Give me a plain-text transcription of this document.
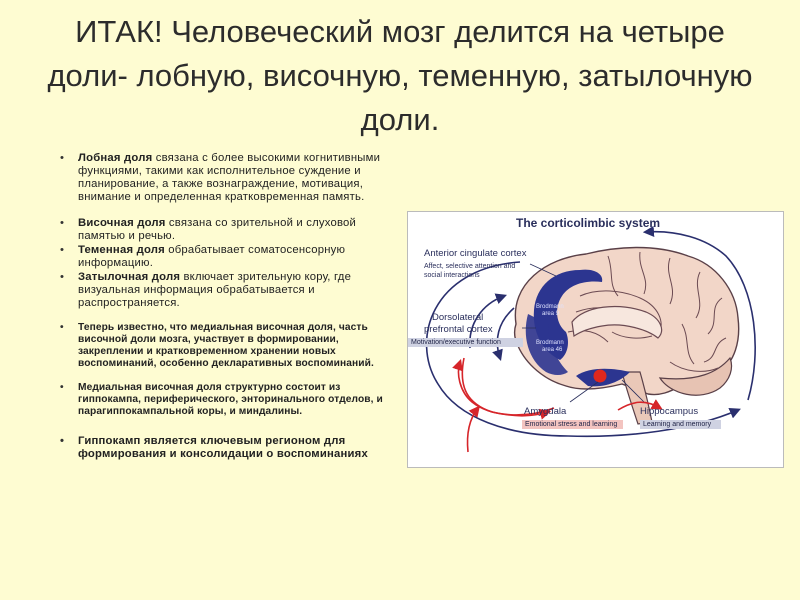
ИТАК! Человеческий мозг делится на четыре доли- лобную, височную, теменную, затылочную доли.
• Лобная доля связана с более высокими когнитивными функциями, такими как исполнительное суждение и планирование, а также вознаграждение, мотивация, внимание и определенная кратковременная память.
• Височная доля связана со зрительной и слуховой памятью и речью.
• Теменная доля обрабатывает соматосенсорную информацию.
• Затылочная доля включает зрительную кору, где визуальная информация обрабатывается и распространяется.
• Теперь известно, что медиальная височная доля, часть височной доли мозга, участвует в формировании, закреплении и кратковременном хранении новых воспоминаний, особенно декларативных воспоминаний.
• Медиальная височная доля структурно состоит из гиппокампа, периферического, энторинального отделов, и парагиппокампальной коры, и миндалины.
• Гиппокамп является ключевым регионом для формирования и консолидации о воспоминаниях
The corticolimbic system
Anterior cingulate cortex
Affect, selective attention and
social interactions
Dorsolateral
prefrontal cortex
Motivation/executive function
Brodmann
area 9
Brodmann
area 46
Amygdala
Emotional stress and learning
Hippocampus
Learning and memory
